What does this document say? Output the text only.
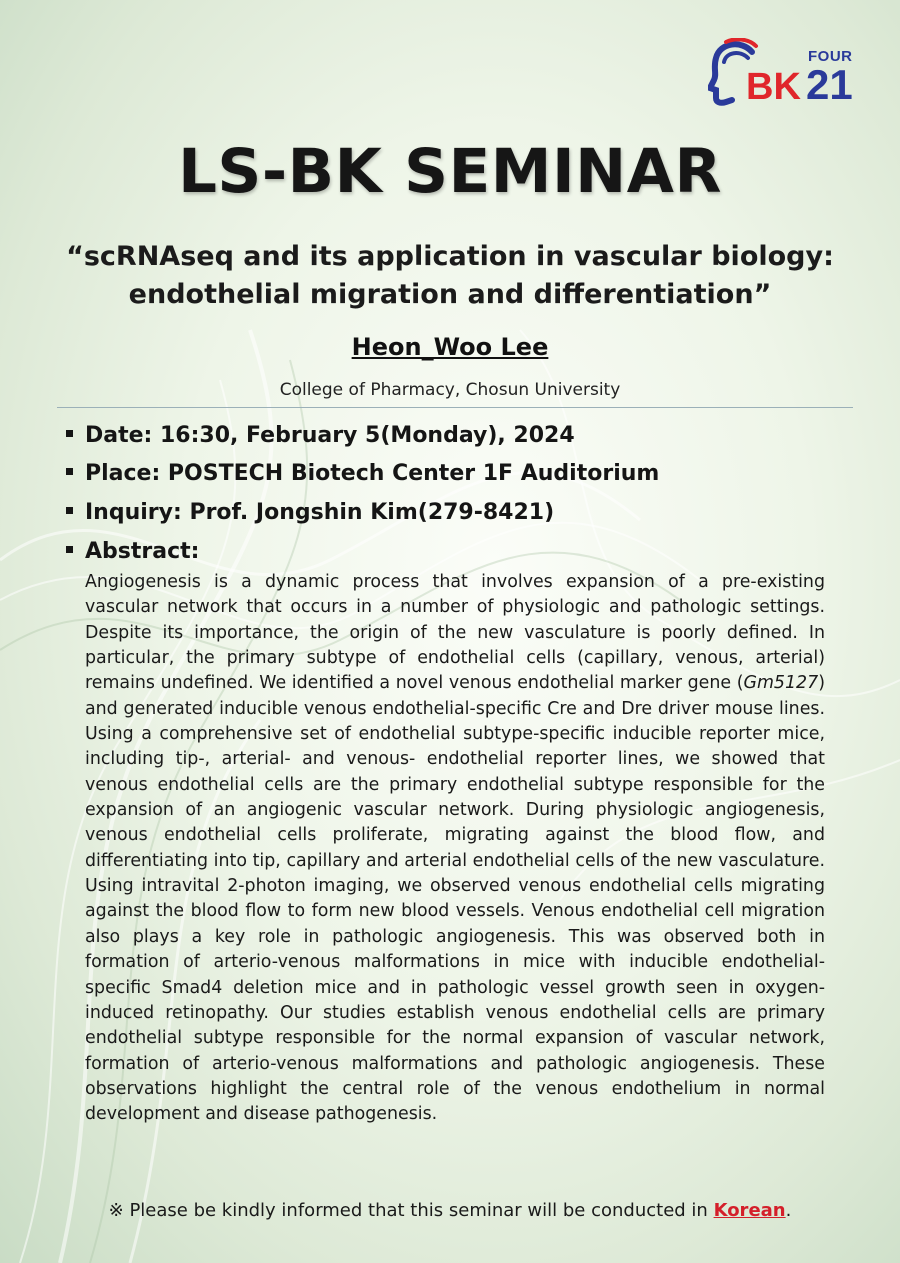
FOUR
BK 21
LS-BK SEMINAR
“scRNAseq and its application in vascular biology:
endothelial migration and differentiation”
Heon_Woo Lee
College of Pharmacy, Chosun University
Date: 16:30, February 5(Monday), 2024
Place: POSTECH Biotech Center 1F Auditorium
Inquiry: Prof. Jongshin Kim(279-8421)
Abstract:
Angiogenesis is a dynamic process that involves expansion of a pre-existing vascular network that occurs in a number of physiologic and pathologic settings. Despite its importance, the origin of the new vasculature is poorly defined. In particular, the primary subtype of endothelial cells (capillary, venous, arterial) remains undefined. We identified a novel venous endothelial marker gene (Gm5127) and generated inducible venous endothelial-specific Cre and Dre driver mouse lines. Using a comprehensive set of endothelial subtype-specific inducible reporter mice, including tip-, arterial- and venous- endothelial reporter lines, we showed that venous endothelial cells are the primary endothelial subtype responsible for the expansion of an angiogenic vascular network. During physiologic angiogenesis, venous endothelial cells proliferate, migrating against the blood flow, and differentiating into tip, capillary and arterial endothelial cells of the new vasculature. Using intravital 2-photon imaging, we observed venous endothelial cells migrating against the blood flow to form new blood vessels. Venous endothelial cell migration also plays a key role in pathologic angiogenesis. This was observed both in formation of arterio-venous malformations in mice with inducible endothelial-specific Smad4 deletion mice and in pathologic vessel growth seen in oxygen-induced retinopathy. Our studies establish venous endothelial cells are primary endothelial subtype responsible for the normal expansion of vascular network, formation of arterio-venous malformations and pathologic angiogenesis. These observations highlight the central role of the venous endothelium in normal development and disease pathogenesis.
※ Please be kindly informed that this seminar will be conducted in Korean.
